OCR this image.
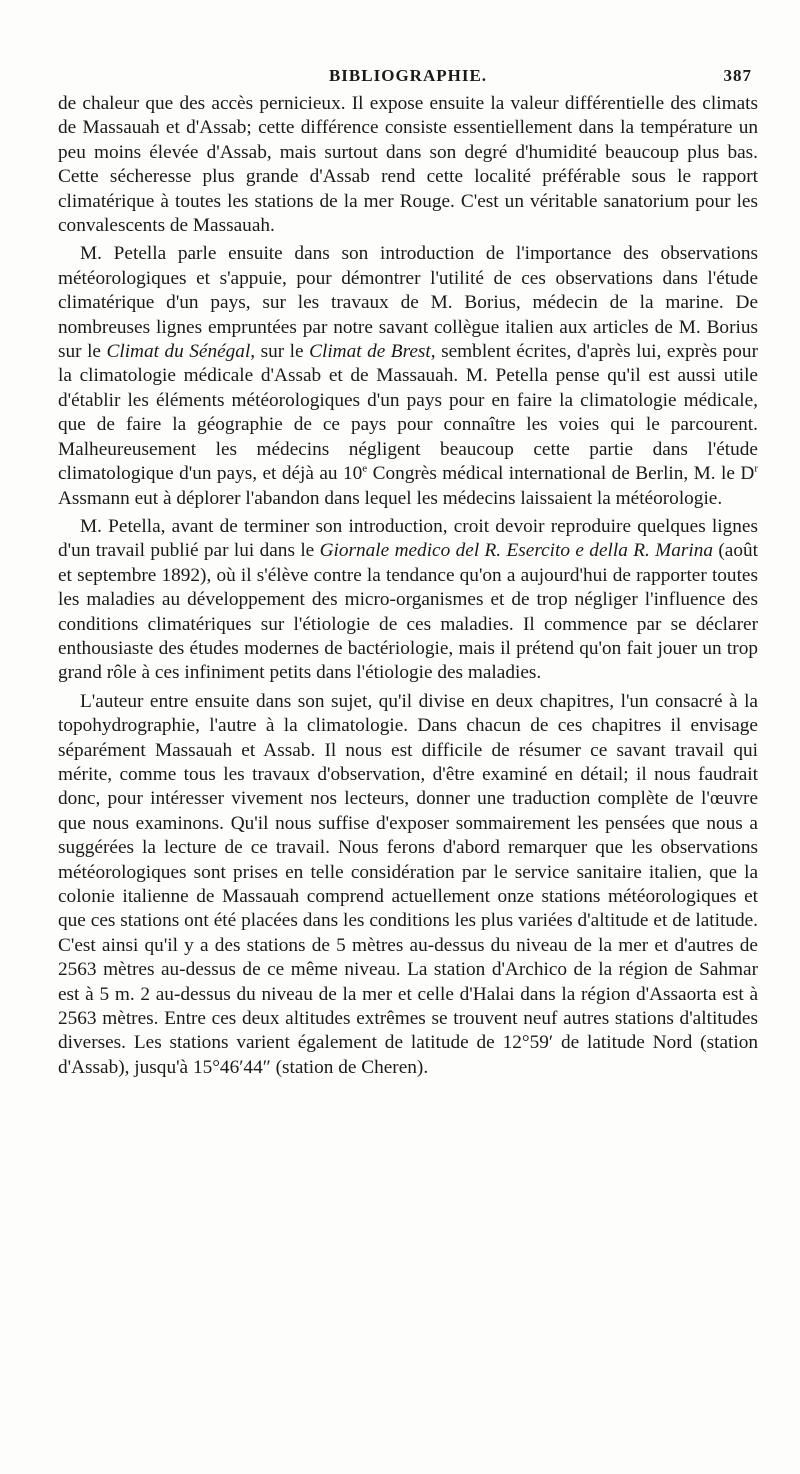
BIBLIOGRAPHIE.	387

de chaleur que des accès pernicieux. Il expose ensuite la valeur différentielle des climats de Massauah et d'Assab; cette différence consiste essentiellement dans la température un peu moins élevée d'Assab, mais surtout dans son degré d'humidité beaucoup plus bas. Cette sécheresse plus grande d'Assab rend cette localité préférable sous le rapport climatérique à toutes les stations de la mer Rouge. C'est un véritable sanatorium pour les convalescents de Massauah.

M. Petella parle ensuite dans son introduction de l'importance des observations météorologiques et s'appuie, pour démontrer l'utilité de ces observations dans l'étude climatérique d'un pays, sur les travaux de M. Borius, médecin de la marine. De nombreuses lignes empruntées par notre savant collègue italien aux articles de M. Borius sur le Climat du Sénégal, sur le Climat de Brest, semblent écrites, d'après lui, exprès pour la climatologie médicale d'Assab et de Massauah. M. Petella pense qu'il est aussi utile d'établir les éléments météorologiques d'un pays pour en faire la climatologie médicale, que de faire la géographie de ce pays pour connaître les voies qui le parcourent. Malheureusement les médecins négligent beaucoup cette partie dans l'étude climatologique d'un pays, et déjà au 10e Congrès médical international de Berlin, M. le $D^r$ Assmann eut à déplorer l'abandon dans lequel les médecins laissaient la météorologie.

M. Petella, avant de terminer son introduction, croit devoir reproduire quelques lignes d'un travail publié par lui dans le Giornale medico del R. Esercito e della R. Marina (août et septembre 1892), où il s'élève contre la tendance qu'on a aujourd'hui de rapporter toutes les maladies au développement des micro-organismes et de trop négliger l'influence des conditions climatériques sur l'étiologie de ces maladies. Il commence par se déclarer enthousiaste des études modernes de bactériologie, mais il prétend qu'on fait jouer un trop grand rôle à ces infiniment petits dans l'étiologie des maladies.

L'auteur entre ensuite dans son sujet, qu'il divise en deux chapitres, l'un consacré à la topohydrographie, l'autre à la climatologie. Dans chacun de ces chapitres il envisage séparément Massauah et Assab. Il nous est difficile de résumer ce savant travail qui mérite, comme tous les travaux d'observation, d'être examiné en détail; il nous faudrait donc, pour intéresser vivement nos lecteurs, donner une traduction complète de l'œuvre que nous examinons. Qu'il nous suffise d'exposer sommairement les pensées que nous a suggérées la lecture de ce travail. Nous ferons d'abord remarquer que les observations météorologiques sont prises en telle considération par le service sanitaire italien, que la colonie italienne de Massauah comprend actuellement onze stations météorologiques et que ces stations ont été placées dans les conditions les plus variées d'altitude et de latitude. C'est ainsi qu'il y a des stations de 5 mètres au-dessus du niveau de la mer et d'autres de 2563 mètres au-dessus de ce même niveau. La station d'Archico de la région de Sahmar est à 5 m. 2 au-dessus du niveau de la mer et celle d'Halai dans la région d'Assaorta est à 2563 mètres. Entre ces deux altitudes extrêmes se trouvent neuf autres stations d'altitudes diverses. Les stations varient également de latitude de 12°59′ de latitude Nord (station d'Assab), jusqu'à 15°46′44″ (station de Cheren).
